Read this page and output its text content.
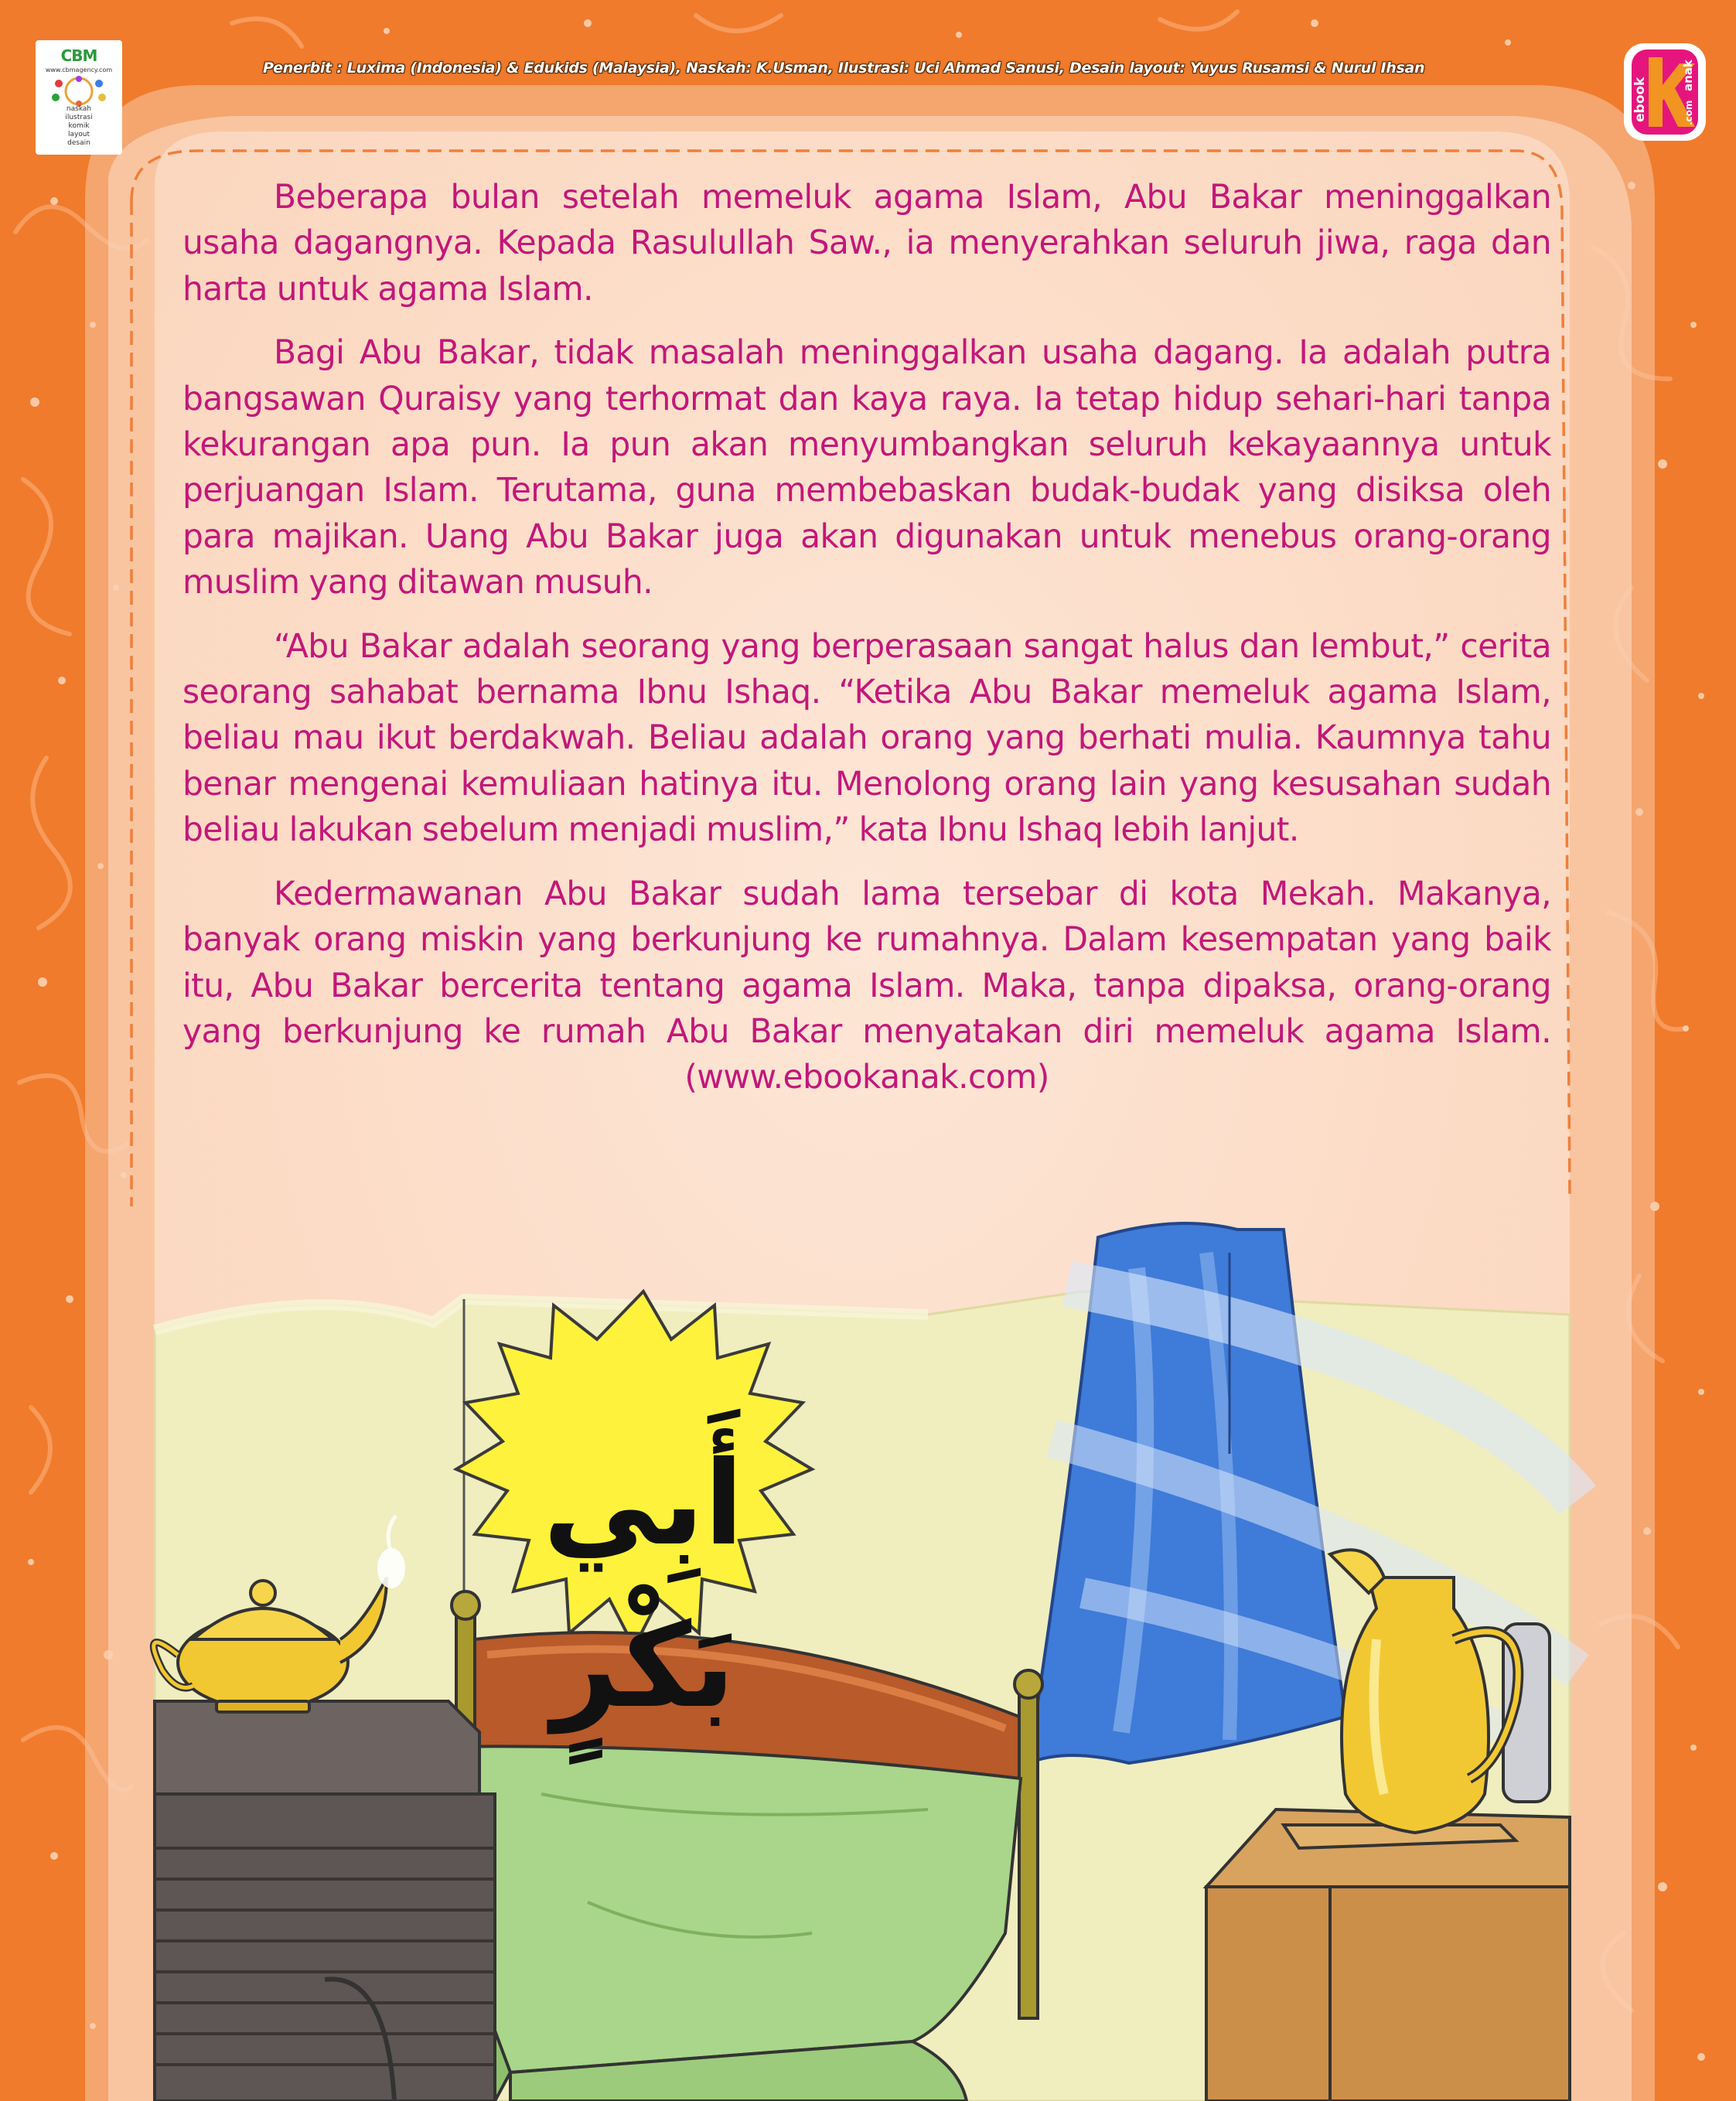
Penerbit : Luxima (Indonesia) & Edukids (Malaysia), Naskah: K.Usman, Ilustrasi: Uci Ahmad Sanusi, Desain layout: Yuyus Rusamsi & Nurul Ihsan
CBM
www.cbmagency.com
naskah
ilustrasi
komik
layout
desain
ebook
anak
.com

Beberapa bulan setelah memeluk agama Islam, Abu Bakar meninggalkan usaha dagangnya. Kepada Rasulullah Saw., ia menyerahkan seluruh jiwa, raga dan harta untuk agama Islam.

Bagi Abu Bakar, tidak masalah meninggalkan usaha dagang. Ia adalah putra bangsawan Quraisy yang terhormat dan kaya raya. Ia tetap hidup sehari-hari tanpa kekurangan apa pun. Ia pun akan menyumbangkan seluruh kekayaannya untuk perjuangan Islam. Terutama, guna membebaskan budak-budak yang disiksa oleh para majikan. Uang Abu Bakar juga akan digunakan untuk menebus orang-orang muslim yang ditawan musuh.

“Abu Bakar adalah seorang yang berperasaan sangat halus dan lembut,” cerita seorang sahabat bernama Ibnu Ishaq. “Ketika Abu Bakar memeluk agama Islam, beliau mau ikut berdakwah. Beliau adalah orang yang berhati mulia. Kaumnya tahu benar mengenai kemuliaan hatinya itu. Menolong orang lain yang kesusahan sudah beliau lakukan sebelum menjadi muslim,” kata Ibnu Ishaq lebih lanjut.

Kedermawanan Abu Bakar sudah lama tersebar di kota Mekah. Makanya, banyak orang miskin yang berkunjung ke rumahnya. Dalam kesempatan yang baik itu, Abu Bakar bercerita tentang agama Islam. Maka, tanpa dipaksa, orang-orang yang berkunjung ke rumah Abu Bakar menyatakan diri memeluk agama Islam. (www.ebookanak.com)

أَبِي بَكْرٍ
